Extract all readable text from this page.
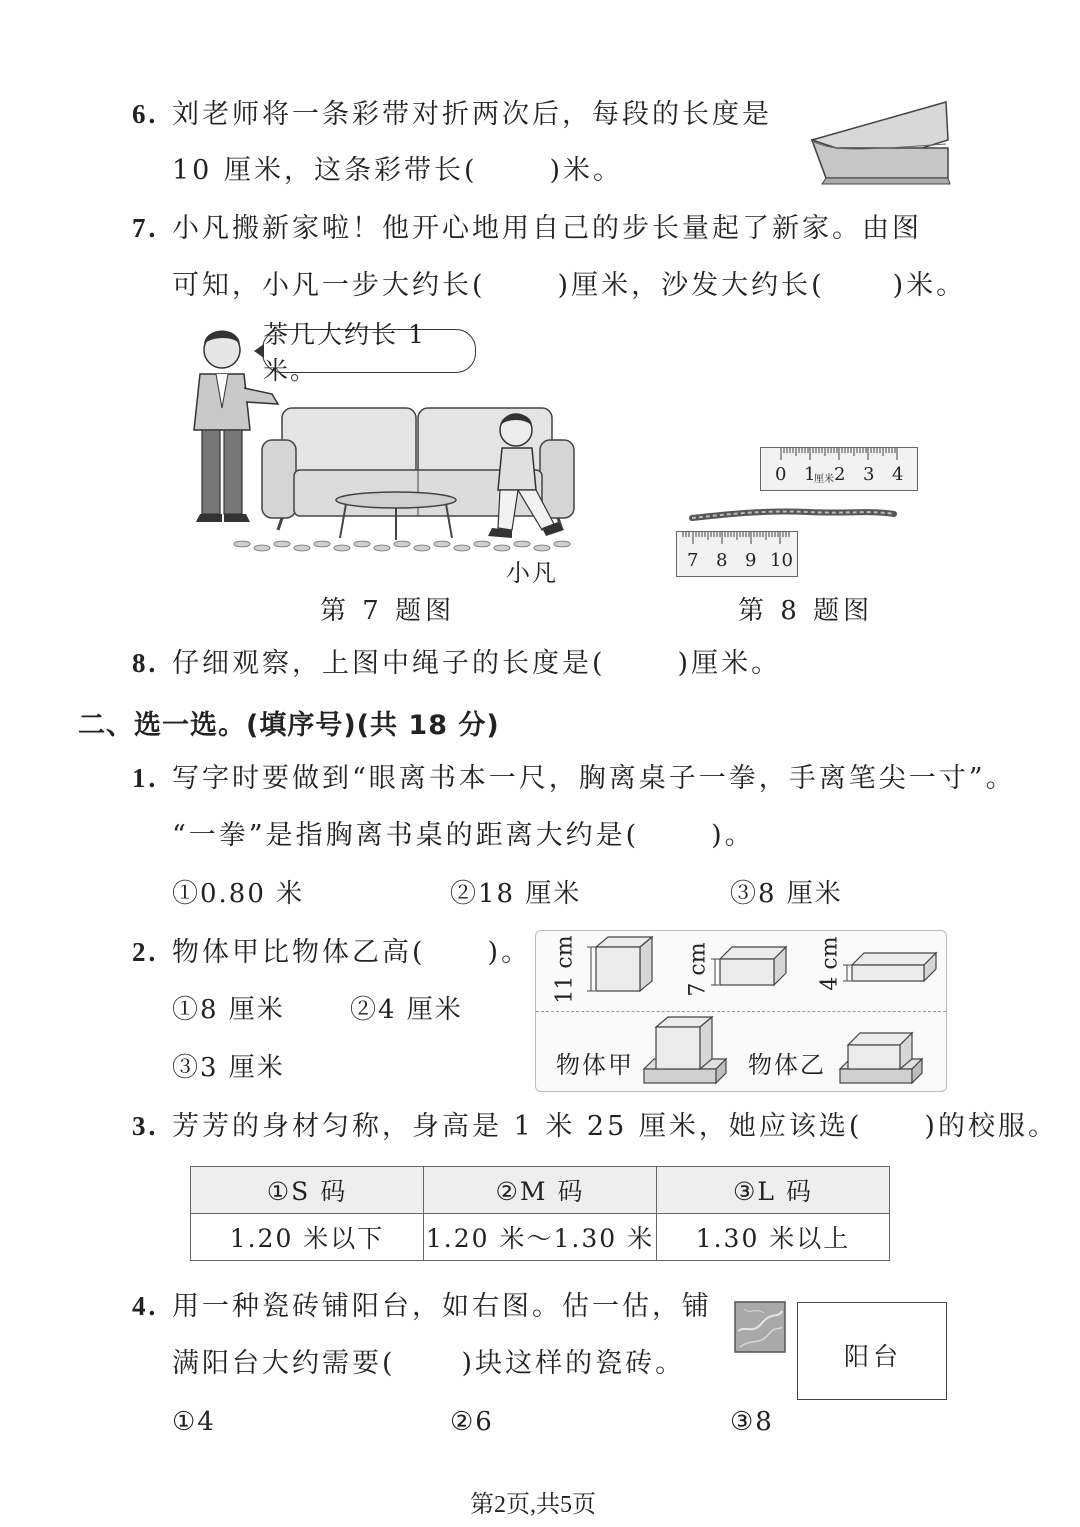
6. 刘老师将一条彩带对折两次后，每段的长度是
10 厘米，这条彩带长(	)米。
7. 小凡搬新家啦！他开心地用自己的步长量起了新家。由图
可知，小凡一步大约长(	)厘米，沙发大约长(	)米。
茶几大约长 1 米。
小凡
第 7 题图
0 1
厘米 2 3 4
7 8 9 10
第 8 题图
8. 仔细观察，上图中绳子的长度是(	)厘米。
二、选一选。(填序号)(共 18 分)
1. 写字时要做到“眼离书本一尺，胸离桌子一拳，手离笔尖一寸”。
“一拳”是指胸离书桌的距离大约是(	)。
①0.80 米	②18 厘米	③8 厘米
2. 物体甲比物体乙高( )。
①8 厘米	②4 厘米
③3 厘米
11 cm	7 cm	4 cm
物体甲	物体乙
3. 芳芳的身材匀称，身高是 1 米 25 厘米，她应该选( )的校服。
①S 码	②M 码	③L 码
1.20 米以下	1.20 米～1.30 米	1.30 米以上
4. 用一种瓷砖铺阳台，如右图。估一估，铺
满阳台大约需要( )块这样的瓷砖。
①4	②6	③8
阳台
第2页,共5页
